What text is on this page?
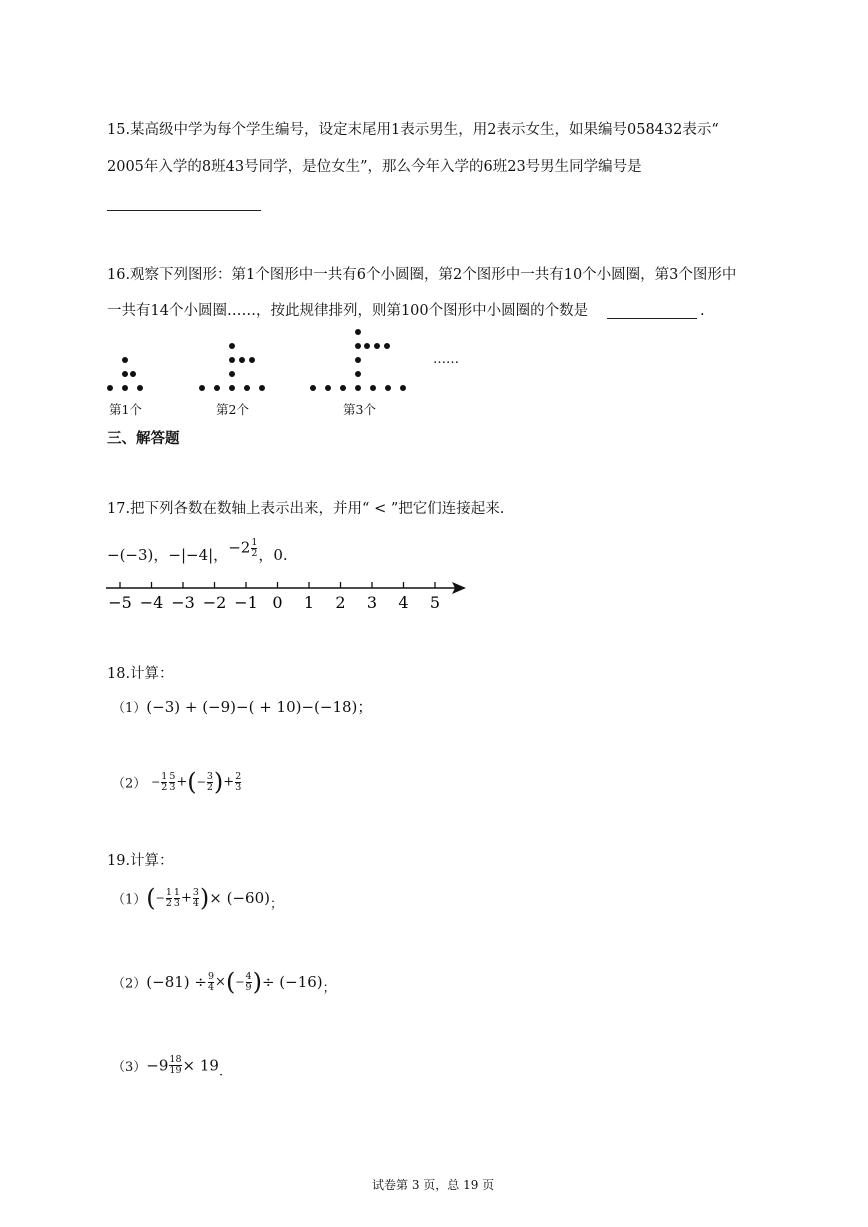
15.某高级中学为每个学生编号，设定末尾用1表示男生，用2表示女生，如果编号058432表示“
2005年入学的8班43号同学，是位女生”，那么今年入学的6班23号男生同学编号是
16.观察下列图形：第1个图形中一共有6个小圆圈，第2个图形中一共有10个小圆圈，第3个图形中
一共有14个小圆圈……，按此规律排列，则第100个图形中小圆圈的个数是	.
……
第1个	第2个	第3个
三、解答题
17.把下列各数在数轴上表示出来，并用“ < ”把它们连接起来.
−(−3)，−|−4|，$-2 \frac{1}{2}$ ，0.
−5 −4 −3 −2 −1 0 1 2 3 4 5
18.计算：
（1）(−3) + (−9)−( + 10)−(−18)；
$(2) - \frac{1}{2} \frac{5}{3}$ +(− $\frac{3}{2}$ )+ $\frac{2}{3}$
19.计算：
$(1)(- \frac{1}{2} \frac{1}{3} + \frac{3}{4}$ )× (−60)；
$(2)(-81) \div \frac{9}{4}$ ×(− $\frac{4}{9}$ )÷ (−16)；
$(3)-9 \frac{18}{19} \times 19$.
试卷第 3 页，总 19 页
